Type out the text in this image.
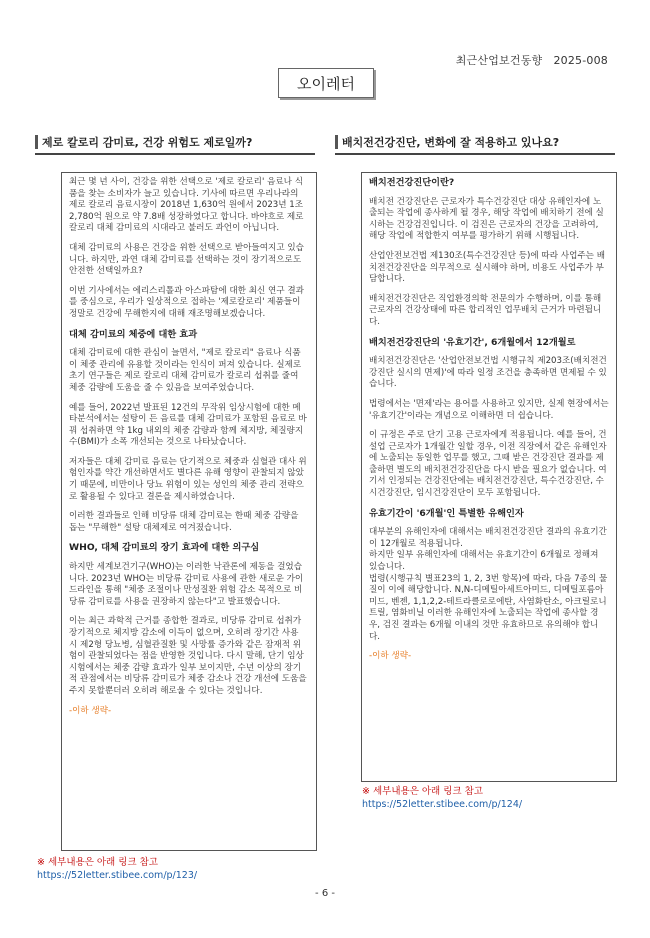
최근산업보건동향 2025-008
오이레터
제로 칼로리 감미료, 건강 위험도 제로일까?

최근 몇 년 사이, 건강을 위한 선택으로 '제로 칼로리' 음료나 식품을 찾는 소비자가 늘고 있습니다. 기사에 따르면 우리나라의 제로 칼로리 음료시장이 2018년 1,630억 원에서 2023년 1조 2,780억 원으로 약 7.8배 성장하였다고 합니다. 바야흐로 제로 칼로리 대체 감미료의 시대라고 불러도 과언이 아닙니다.

대체 감미료의 사용은 건강을 위한 선택으로 받아들여지고 있습니다. 하지만, 과연 대체 감미료를 선택하는 것이 장기적으로도 안전한 선택일까요?

이번 기사에서는 에리스리톨과 아스파탐에 대한 최신 연구 결과를 중심으로, 우리가 일상적으로 접하는 '제로칼로리' 제품들이 정말로 건강에 무해한지에 대해 재조명해보겠습니다.

대체 감미료의 체중에 대한 효과

대체 감미료에 대한 관심이 늘면서, "제로 칼로리" 음료나 식품이 체중 관리에 유용할 것이라는 인식이 퍼져 있습니다. 실제로 초기 연구들은 제로 칼로리 대체 감미료가 칼로리 섭취를 줄여 체중 감량에 도움을 줄 수 있음을 보여주었습니다.

예를 들어, 2022년 발표된 12건의 무작위 임상시험에 대한 메타분석에서는 설탕이 든 음료를 대체 감미료가 포함된 음료로 바꿔 섭취하면 약 1kg 내외의 체중 감량과 함께 체지방, 체질량지수(BMI)가 소폭 개선되는 것으로 나타났습니다.

저자들은 대체 감미료 음료는 단기적으로 체중과 심혈관 대사 위험인자를 약간 개선하면서도 별다른 유해 영향이 관찰되지 않았기 때문에, 비만이나 당뇨 위험이 있는 성인의 체중 관리 전략으로 활용될 수 있다고 결론을 제시하였습니다.

이러한 결과들로 인해 비당류 대체 감미료는 한때 체중 감량을 돕는 "무해한" 설탕 대체제로 여겨졌습니다.

WHO, 대체 감미료의 장기 효과에 대한 의구심

하지만 세계보건기구(WHO)는 이러한 낙관론에 제동을 걸었습니다. 2023년 WHO는 비당류 감미료 사용에 관한 새로운 가이드라인을 통해 "체중 조절이나 만성질환 위험 감소 목적으로 비당류 감미료를 사용을 권장하지 않는다"고 발표했습니다.

이는 최근 과학적 근거를 종합한 결과로, 비당류 감미료 섭취가 장기적으로 체지방 감소에 이득이 없으며, 오히려 장기간 사용 시 제2형 당뇨병, 심혈관질환 및 사망률 증가와 같은 잠재적 위험이 관찰되었다는 점을 반영한 것입니다. 다시 말해, 단기 임상시험에서는 체중 감량 효과가 일부 보이지만, 수년 이상의 장기적 관점에서는 비당류 감미료가 체중 감소나 건강 개선에 도움을 주지 못할뿐더러 오히려 해로울 수 있다는 것입니다.

-이하 생략-

※ 세부내용은 아래 링크 참고
https://52letter.stibee.com/p/123/
배치전건강진단, 변화에 잘 적용하고 있나요?

배치전건강진단이란?

배치전 건강진단은 근로자가 특수건강진단 대상 유해인자에 노출되는 작업에 종사하게 될 경우, 해당 작업에 배치하기 전에 실시하는 건강검진입니다. 이 검진은 근로자의 건강을 고려하여, 해당 작업에 적합한지 여부를 평가하기 위해 시행됩니다.

산업안전보건법 제130조(특수건강진단 등)에 따라 사업주는 배치전건강진단을 의무적으로 실시해야 하며, 비용도 사업주가 부담합니다.

배치전건강진단은 직업환경의학 전문의가 수행하며, 이를 통해 근로자의 건강상태에 따른 합리적인 업무배치 근거가 마련됩니다.

배치전건강진단의 '유효기간', 6개월에서 12개월로

배치전건강진단은 '산업안전보건법 시행규칙 제203조(배치전건강진단 실시의 면제)'에 따라 일정 조건을 충족하면 면제될 수 있습니다.

법령에서는 '면제'라는 용어를 사용하고 있지만, 실제 현장에서는 '유효기간'이라는 개념으로 이해하면 더 쉽습니다.

이 규정은 주로 단기 고용 근로자에게 적용됩니다. 예를 들어, 건설업 근로자가 1개월간 일할 경우, 이전 직장에서 같은 유해인자에 노출되는 동일한 업무를 했고, 그때 받은 건강진단 결과를 제출하면 별도의 배치전건강진단을 다시 받을 필요가 없습니다. 여기서 인정되는 건강진단에는 배치전건강진단, 특수건강진단, 수시건강진단, 임시건강진단이 모두 포함됩니다.

유효기간이 '6개월'인 특별한 유해인자

대부분의 유해인자에 대해서는 배치전건강진단 결과의 유효기간이 12개월로 적용됩니다.
하지만 일부 유해인자에 대해서는 유효기간이 6개월로 정해져 있습니다.
법령(시행규칙 별표23의 1, 2, 3번 항목)에 따라, 다음 7종의 물질이 이에 해당합니다. N,N-디메틸아세트아미드, 디메틸포름아미드, 벤젠, 1,1,2,2-테트라클로로에탄, 사염화탄소, 아크릴로니트릴, 염화비닐 이러한 유해인자에 노출되는 작업에 종사할 경우, 검진 결과는 6개월 이내의 것만 유효하므로 유의해야 합니다.

-이하 생략-

※ 세부내용은 아래 링크 참고
https://52letter.stibee.com/p/124/
- 6 -
